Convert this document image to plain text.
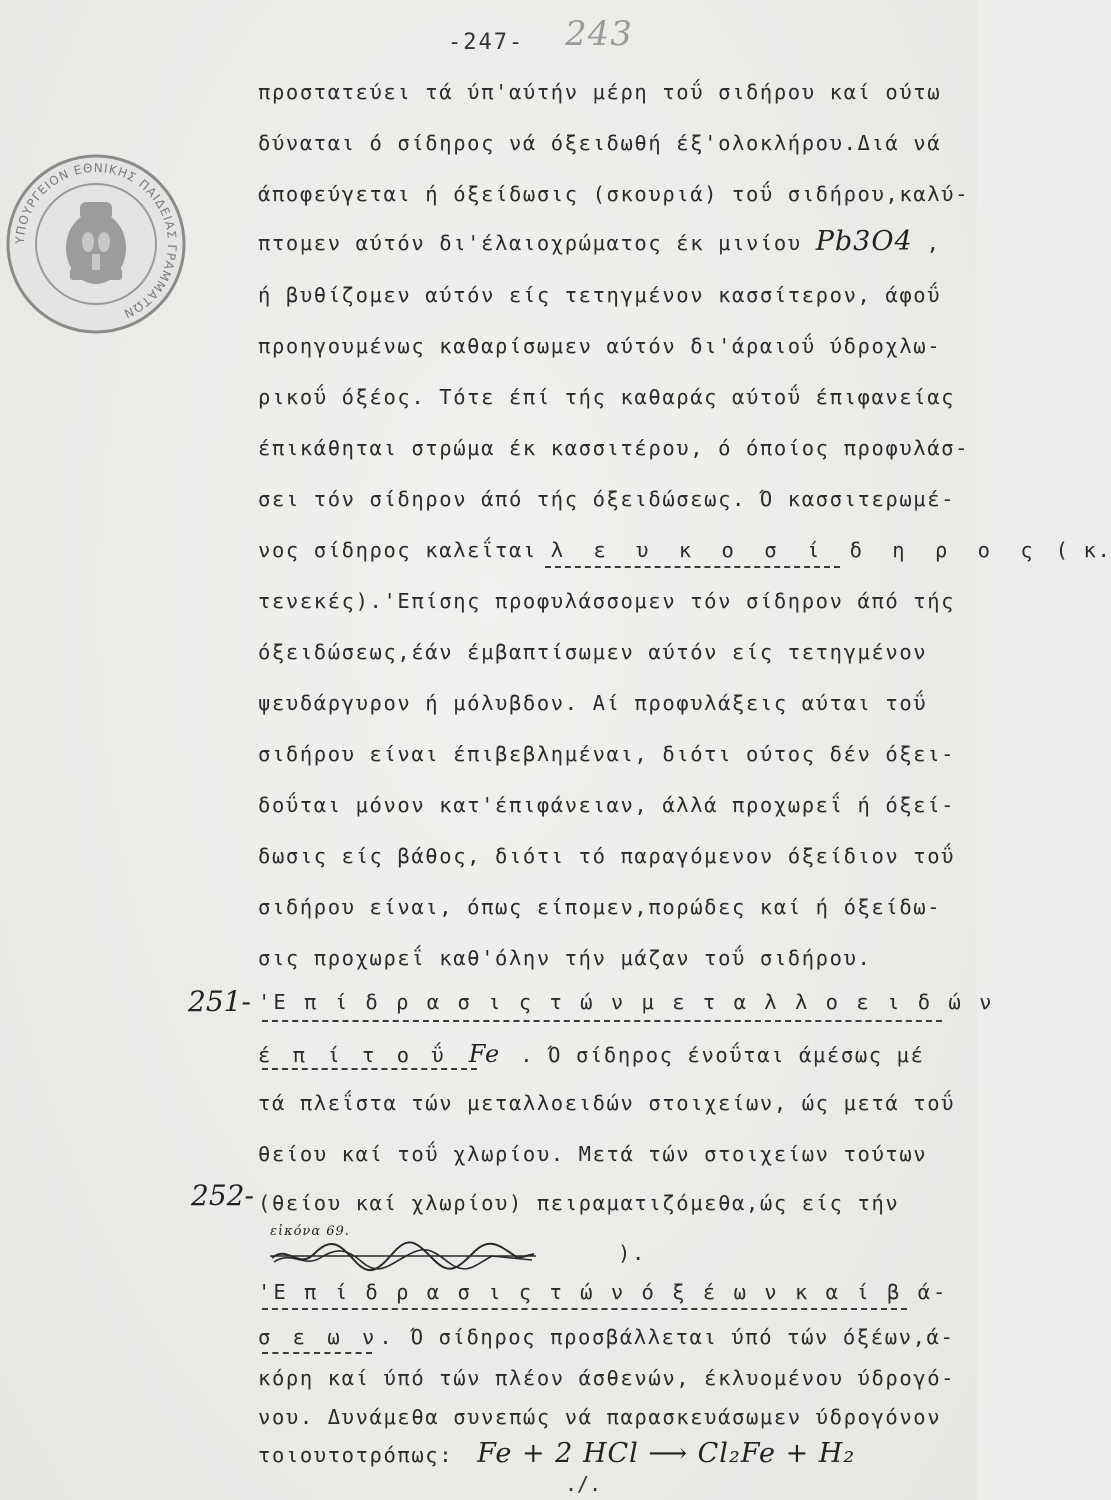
-247- 243
ΥΠΟΥΡΓΕΙΟΝ ΕΘΝΙΚΗΣ ΠΑΙΔΕΙΑΣ ΓΡΑΜΜΑΤΩΝ
προστατεύει τά ύπ'αύτήν μέρη τοΰ σιδήρου καί ούτω
δύναται ό σίδηρος νά όξειδωθή έξ'ολοκλήρου.Διά νά
άποφεύγεται ή όξείδωσις (σκουριά) τοΰ σιδήρου,καλύ-
πτομεν αύτόν δι'έλαιοχρώματος έκ μινίου Pb3O4 ,
ή βυθίζομεν αύτόν είς τετηγμένον κασσίτερον, άφοΰ
προηγουμένως καθαρίσωμεν αύτόν δι'άραιοΰ ύδροχλω-
ρικοΰ όξέος. Τότε έπί τής καθαράς αύτοΰ έπιφανείας
έπικάθηται στρώμα έκ κασσιτέρου, ό όποίος προφυλάσ-
σει τόν σίδηρον άπό τής όξειδώσεως. Ό κασσιτερωμέ-
νος σίδηρος καλεΐται λ ε υ κ ο σ ί δ η ρ ο ς ( κ.
τενεκές).'Επίσης προφυλάσσομεν τόν σίδηρον άπό τής
όξειδώσεως,έάν έμβαπτίσωμεν αύτόν είς τετηγμένον
ψευδάργυρον ή μόλυβδον. Αί προφυλάξεις αύται τοΰ
σιδήρου είναι έπιβεβλημέναι, διότι ούτος δέν όξει-
δοΰται μόνον κατ'έπιφάνειαν, άλλά προχωρεΐ ή όξεί-
δωσις είς βάθος, διότι τό παραγόμενον όξείδιον τοΰ
σιδήρου είναι, όπως είπομεν,πορώδες καί ή όξείδω-
σις προχωρεΐ καθ'όλην τήν μάζαν τοΰ σιδήρου.
251- 'Ε π ί δ ρ α σ ι ς τ ώ ν μ ε τ α λ λ ο ε ι δ ώ ν
έ π ί τ ο ΰ Fe . Ό σίδηρος ένοΰται άμέσως μέ
τά πλεΐστα τών μεταλλοειδών στοιχείων, ώς μετά τοΰ
θείου καί τοΰ χλωρίου. Μετά τών στοιχείων τούτων
(θείου καί χλωρίου) πειραματιζόμεθα,ώς είς τήν
εἰκόνα 69.
).
252-
'Ε π ί δ ρ α σ ι ς τ ώ ν ό ξ έ ω ν κ α ί β ά-
σ ε ω ν. Ό σίδηρος προσβάλλεται ύπό τών όξέων,ά-
κόρη καί ύπό τών πλέον άσθενών, έκλυομένου ύδρογό-
νου. Δυνάμεθα συνεπώς νά παρασκευάσωμεν ύδρογόνον
τοιουτοτρόπως: Fe + 2 HCl ⟶ Cl₂Fe + H₂
./.
